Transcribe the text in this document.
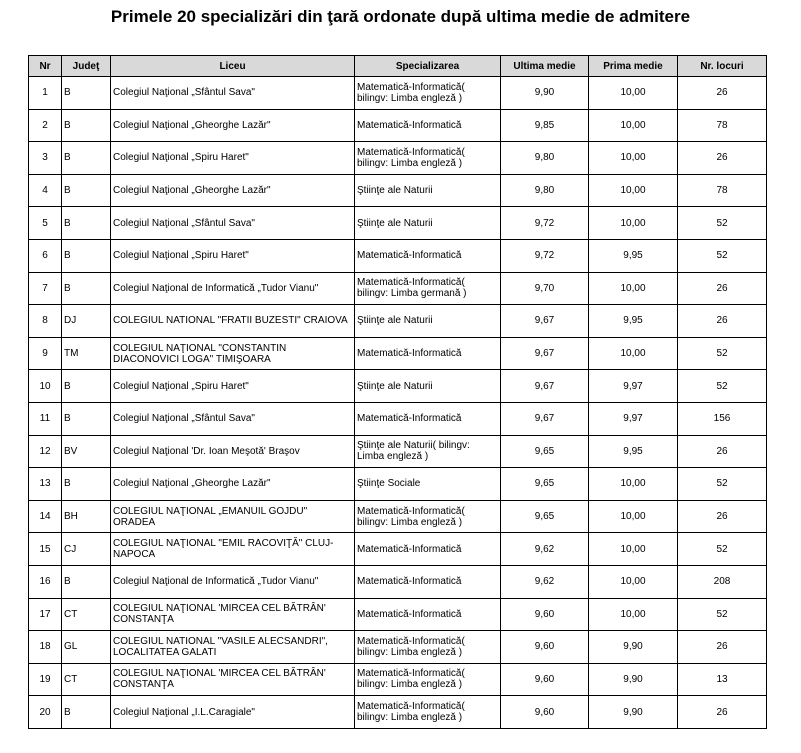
Primele 20 specializări din ţară ordonate după ultima medie de admitere
Nr	Judeţ	Liceu	Specializarea	Ultima medie	Prima medie	Nr. locuri
1	B	Colegiul Naţional „Sfântul Sava"	Matematică-Informatică( bilingv: Limba engleză )	9,90	10,00	26
2	B	Colegiul Naţional „Gheorghe Lazăr"	Matematică-Informatică	9,85	10,00	78
3	B	Colegiul Naţional „Spiru Haret"	Matematică-Informatică( bilingv: Limba engleză )	9,80	10,00	26
4	B	Colegiul Naţional „Gheorghe Lazăr"	Ştiinţe ale Naturii	9,80	10,00	78
5	B	Colegiul Naţional „Sfântul Sava"	Ştiinţe ale Naturii	9,72	10,00	52
6	B	Colegiul Naţional „Spiru Haret"	Matematică-Informatică	9,72	9,95	52
7	B	Colegiul Naţional de Informatică „Tudor Vianu"	Matematică-Informatică( bilingv: Limba germană )	9,70	10,00	26
8	DJ	COLEGIUL NATIONAL "FRATII BUZESTI" CRAIOVA	Ştiinţe ale Naturii	9,67	9,95	26
9	TM	COLEGIUL NAŢIONAL "CONSTANTIN DIACONOVICI LOGA" TIMIŞOARA	Matematică-Informatică	9,67	10,00	52
10	B	Colegiul Naţional „Spiru Haret"	Ştiinţe ale Naturii	9,67	9,97	52
11	B	Colegiul Naţional „Sfântul Sava"	Matematică-Informatică	9,67	9,97	156
12	BV	Colegiul Naţional 'Dr. Ioan Meşotă' Braşov	Ştiinţe ale Naturii( bilingv: Limba engleză )	9,65	9,95	26
13	B	Colegiul Naţional „Gheorghe Lazăr"	Ştiinţe Sociale	9,65	10,00	52
14	BH	COLEGIUL NAŢIONAL „EMANUIL GOJDU" ORADEA	Matematică-Informatică( bilingv: Limba engleză )	9,65	10,00	26
15	CJ	COLEGIUL NAŢIONAL "EMIL RACOVIŢĂ" CLUJ-NAPOCA	Matematică-Informatică	9,62	10,00	52
16	B	Colegiul Naţional de Informatică „Tudor Vianu"	Matematică-Informatică	9,62	10,00	208
17	CT	COLEGIUL NAŢIONAL 'MIRCEA CEL BĂTRÂN' CONSTANŢA	Matematică-Informatică	9,60	10,00	52
18	GL	COLEGIUL NATIONAL "VASILE ALECSANDRI", LOCALITATEA GALATI	Matematică-Informatică( bilingv: Limba engleză )	9,60	9,90	26
19	CT	COLEGIUL NAŢIONAL 'MIRCEA CEL BĂTRÂN' CONSTANŢA	Matematică-Informatică( bilingv: Limba engleză )	9,60	9,90	13
20	B	Colegiul Naţional „I.L.Caragiale"	Matematică-Informatică( bilingv: Limba engleză )	9,60	9,90	26
